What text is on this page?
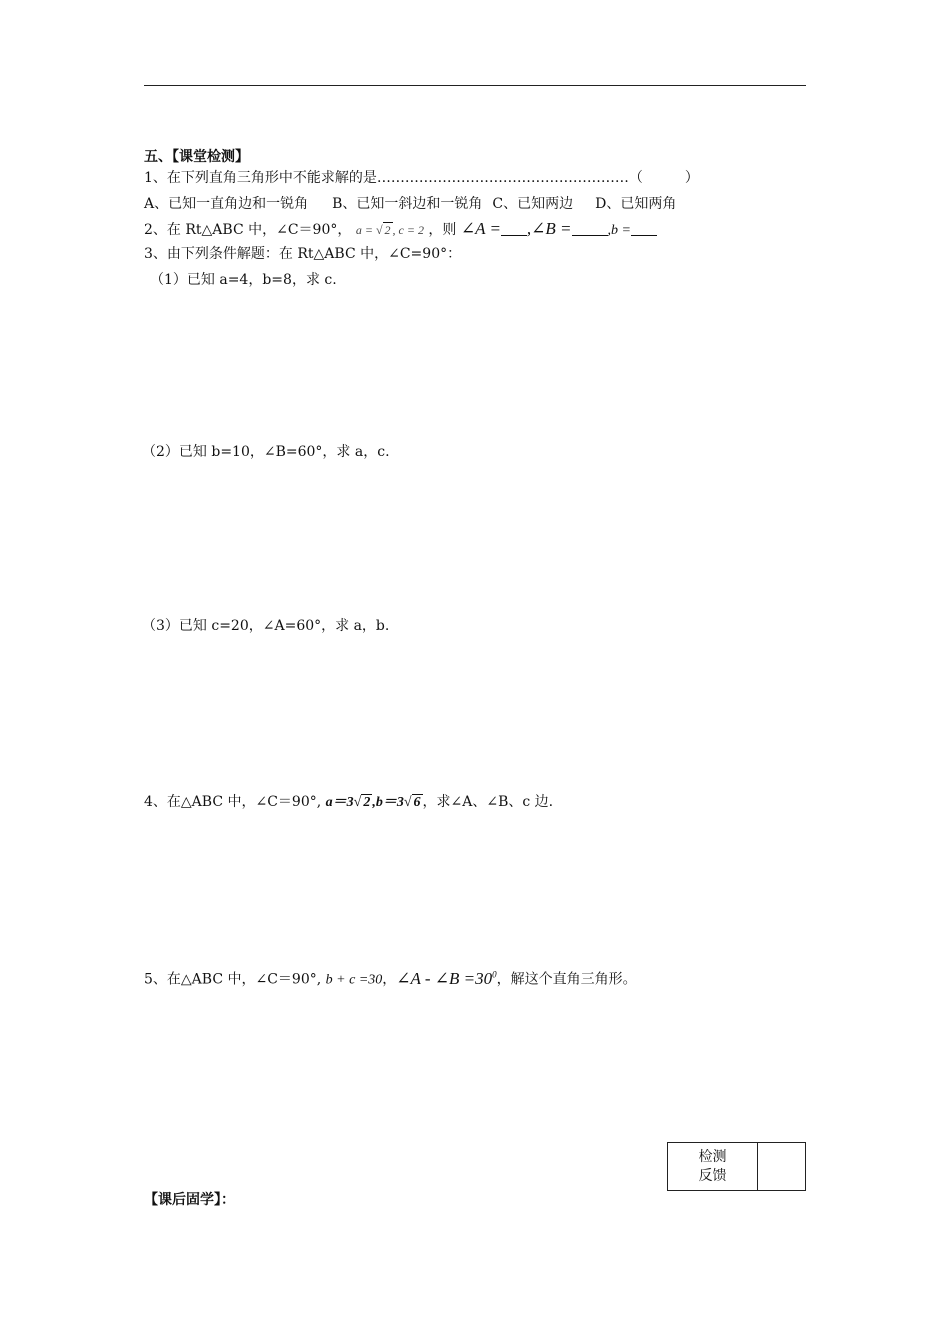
五、【课堂检测】
1、在下列直角三角形中不能求解的是………………………………………………（　　　）
A、已知一直角边和一锐角 B、已知一斜边和一锐角 C、已知两边 D、已知两角
2、在 Rt△ABC 中，∠C＝90°， a = √ 2 , c = 2 ，则 ∠A = ,∠B =	,b =
3、由下列条件解题：在 Rt△ABC 中，∠C=90°：
（1）已知 a=4，b=8，求 c.
（2）已知 b=10，∠B=60°，求 a，c.
（3）已知 c=20，∠A=60°，求 a，b.
4、在△ABC 中，∠C＝90°, a＝3√ 2 ,b＝3√ 6 ，求∠A、∠B、c 边.
5、在△ABC 中，∠C＝90°, b + c =30，∠A - ∠B $=30^0$，解这个直角三角形。
检测
反馈
【课后固学】：
